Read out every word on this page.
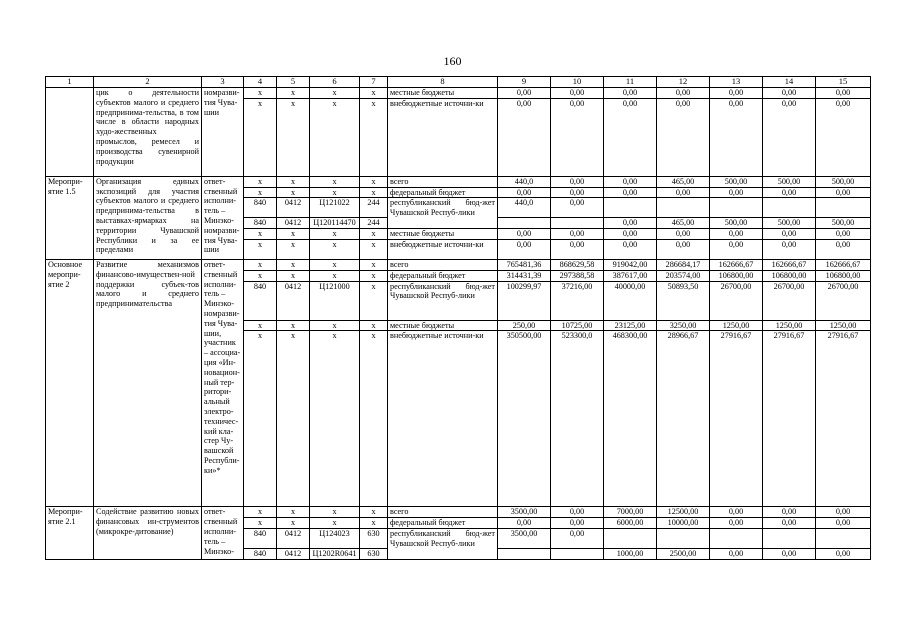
160
1	2	3	4	5	6	7	8	9	10	11	12	13	14	15
	цик о деятельности субъектов малого и среднего предпринима-тельства, в том числе в области народных худо-жественных промыслов, ремесел и производства сувенирной продукции	номразви-тия Чува-шии	x	x	x	x	местные бюджеты	0,00	0,00	0,00	0,00	0,00	0,00	0,00
			x	x	x	x	внебюджетные источни-ки	0,00	0,00	0,00	0,00	0,00	0,00	0,00
Меропри-ятие 1.5	Организация единых экспозиций для участия субъектов малого и среднего предпринима-тельства в выставках-ярмарках на территории Чувашской Республики и за ее пределами	ответ-ственный исполни-тель – Минэко-номразви-тия Чува-шии	x	x	x	x	всего	440,0	0,00	0,00	465,00	500,00	500,00	500,00
			x	x	x	x	федеральный бюджет	0,00	0,00	0,00	0,00	0,00	0,00	0,00
			840	0412	Ц121022	244	республиканский бюд-жет Чувашской Респуб-лики	440,0	0,00					
			840	0412	Ц120114470	244				0,00	465,00	500,00	500,00	500,00
			x	x	x	x	местные бюджеты	0,00	0,00	0,00	0,00	0,00	0,00	0,00
			x	x	x	x	внебюджетные источни-ки	0,00	0,00	0,00	0,00	0,00	0,00	0,00

Основное меропри-ятие 2	Развитие механизмов финансово-имуществен-ной поддержки субъек-тов малого и среднего предпринимательства	ответ-ственный исполни-тель – Минэко-номразви-тия Чува-шии, участник – ассоциа-ция «Ин-новацион-ный тер-ритори-альный электро-техничес-кий кла-стер Чу-вашской Республи-ки»*	x	x	x	x	всего	765481,36	868629,58	919042,00	286684,17	162666,67	162666,67	162666,67
			x	x	x	x	федеральный бюджет	314431,39	297388,58	387617,00	203574,00	106800,00	106800,00	106800,00
			840	0412	Ц121000	x	республиканский бюд-жет Чувашской Респуб-лики	100299,97	37216,00	40000,00	50893,50	26700,00	26700,00	26700,00
			x	x	x	x	местные бюджеты	250,00	10725,00	23125,00	3250,00	1250,00	1250,00	1250,00
			x	x	x	x	внебюджетные источни-ки	350500,00	523300,0	468300,00	28966,67	27916,67	27916,67	27916,67
Меропри-ятие 2.1	Содействие развитию новых финансовых ин-струментов (микрокре-дитование)	ответ-ственный исполни-тель – Минэко-	x	x	x	x	всего	3500,00	0,00	7000,00	12500,00	0,00	0,00	0,00
			x	x	x	x	федеральный бюджет	0,00	0,00	6000,00	10000,00	0,00	0,00	0,00
			840	0412	Ц124023	630	республиканский бюд-жет Чувашской Респуб-лики	3500,00	0,00					
			840	0412	Ц1202R0641	630				1000,00	2500,00	0,00	0,00	0,00
